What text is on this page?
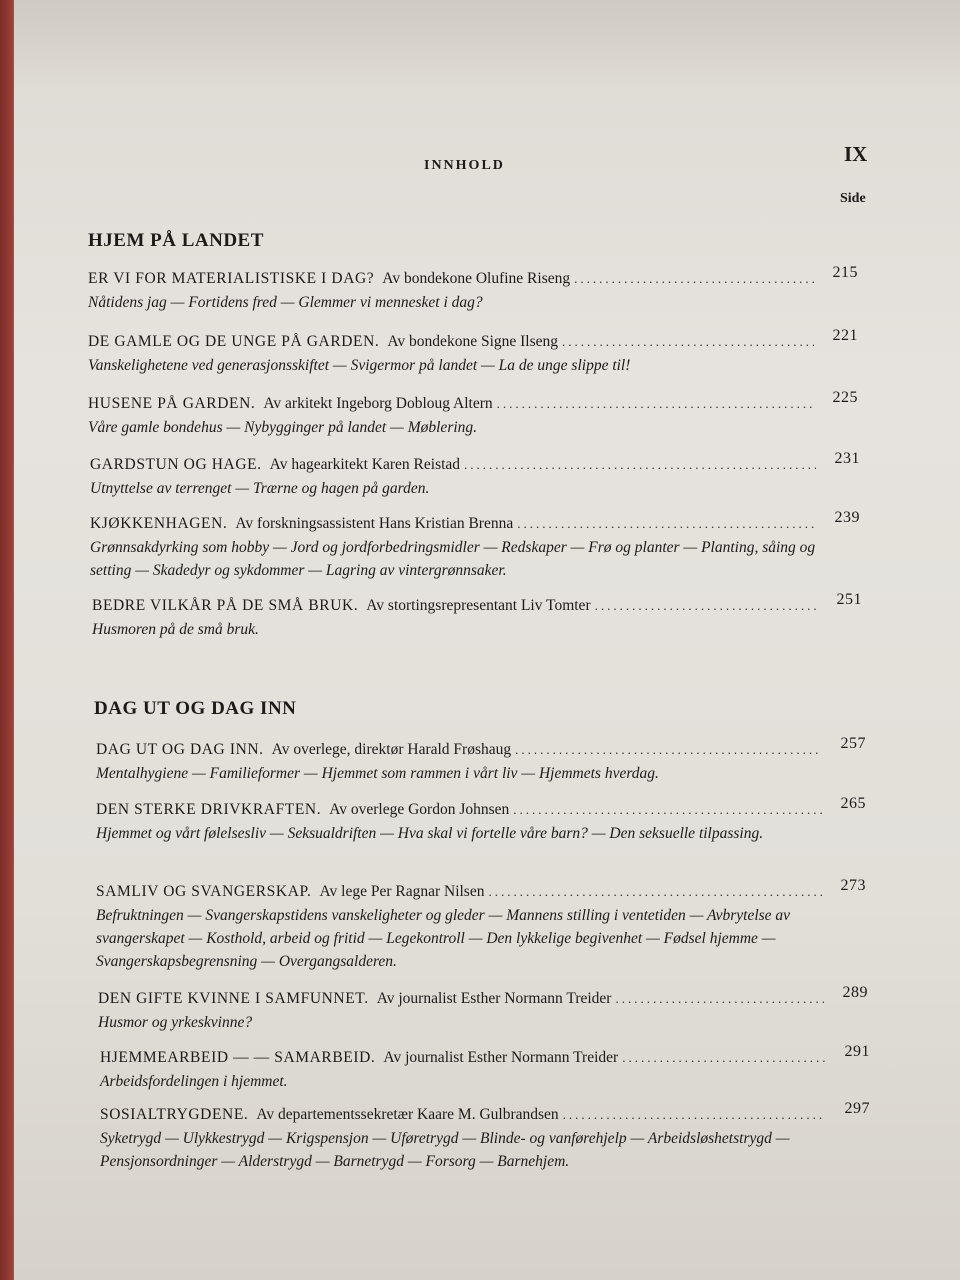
INNHOLD	IX
Side
HJEM PÅ LANDET
ER VI FOR MATERIALISTISKE I DAG? Av bondekone Olufine Riseng
.....
Nåtidens jag — Fortidens fred — Glemmer vi mennesket i dag?
215
DE GAMLE OG DE UNGE PÅ GARDEN. Av bondekone Signe Ilseng
.....
Vanskelighetene ved generasjonsskiftet — Svigermor på landet — La de unge slippe til!
221
HUSENE PÅ GARDEN. Av arkitekt Ingeborg Dobloug Altern
.....
Våre gamle bondehus — Nybygginger på landet — Møblering.
225
GARDSTUN OG HAGE. Av hagearkitekt Karen Reistad
.....
Utnyttelse av terrenget — Trærne og hagen på garden.
231
KJØKKENHAGEN. Av forskningsassistent Hans Kristian Brenna
.....
Grønnsakdyrking som hobby — Jord og jordforbedringsmidler — Redskaper — Frø og planter — Planting, såing og setting — Skadedyr og sykdommer — Lagring av vintergrønnsaker.
239
BEDRE VILKÅR PÅ DE SMÅ BRUK. Av stortingsrepresentant Liv Tomter
.....
Husmoren på de små bruk.
251
DAG UT OG DAG INN
DAG UT OG DAG INN. Av overlege, direktør Harald Frøshaug
.....
Mentalhygiene — Familieformer — Hjemmet som rammen i vårt liv — Hjemmets hverdag.
257
DEN STERKE DRIVKRAFTEN. Av overlege Gordon Johnsen
.....
Hjemmet og vårt følelsesliv — Seksualdriften — Hva skal vi fortelle våre barn? — Den seksuelle tilpassing.
265
SAMLIV OG SVANGERSKAP. Av lege Per Ragnar Nilsen
.....
Befruktningen — Svangerskapstidens vanskeligheter og gleder — Mannens stilling i ventetiden — Avbrytelse av svangerskapet — Kosthold, arbeid og fritid — Legekontroll — Den lykkelige begivenhet — Fødsel hjemme — Svangerskapsbegrensning — Overgangsalderen.
273
DEN GIFTE KVINNE I SAMFUNNET. Av journalist Esther Normann Treider
.....
Husmor og yrkeskvinne?
289
HJEMMEARBEID — — SAMARBEID. Av journalist Esther Normann Treider
.....
Arbeidsfordelingen i hjemmet.
291
SOSIALTRYGDENE. Av departementssekretær Kaare M. Gulbrandsen
.....
Syketrygd — Ulykkestrygd — Krigspensjon — Uføretrygd — Blinde- og vanførehjelp — Arbeidsløshetstrygd — Pensjonsordninger — Alderstrygd — Barnetrygd — Forsorg — Barnehjem.
297
